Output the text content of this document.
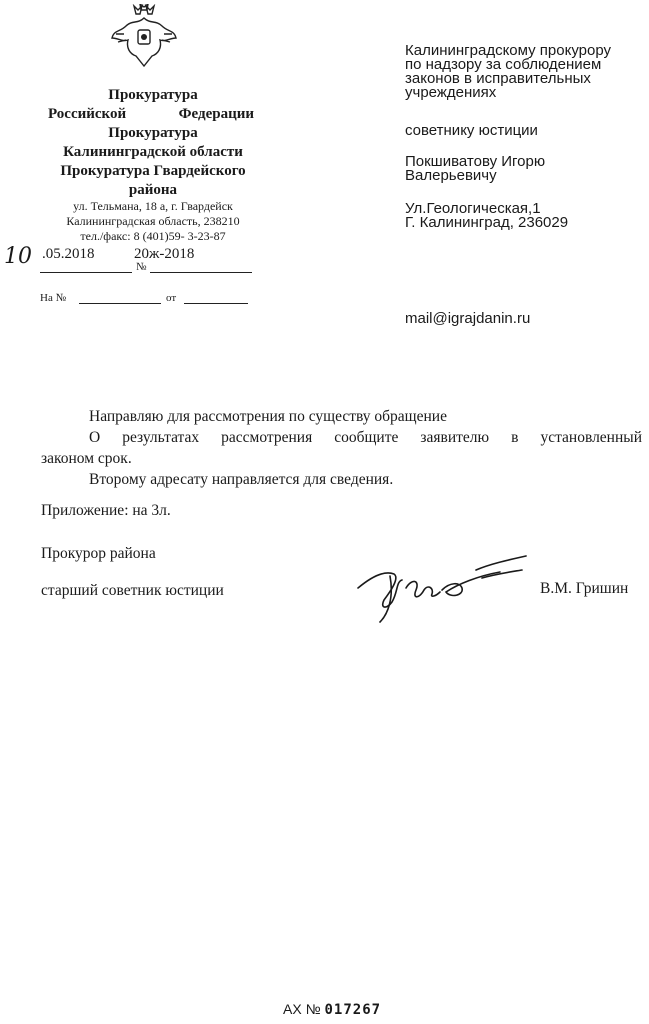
Прокуратура
Российской	Федерации
Прокуратура
Калининградской области
Прокуратура Гвардейского
района
ул. Тельмана, 18 а, г. Гвардейск
Калининградская область, 238210
тел./факс: 8 (401)59- 3-23-87
10 .05.2018	20ж-2018
№
На №	от
Калининградскому прокурору
по надзору за соблюдением
законов в исправительных
учреждениях
советнику юстиции
Покшиватову Игорю
Валерьевичу
Ул.Геологическая,1
Г. Калининград, 236029
mail@igrajdanin.ru
Направляю для рассмотрения по существу обращение
О результатах рассмотрения сообщите заявителю в установленный
законом срок.
Второму адресату направляется для сведения.
Приложение: на 3л.
Прокурор района
старший советник юстиции	В.М. Гришин
АХ № 017267
